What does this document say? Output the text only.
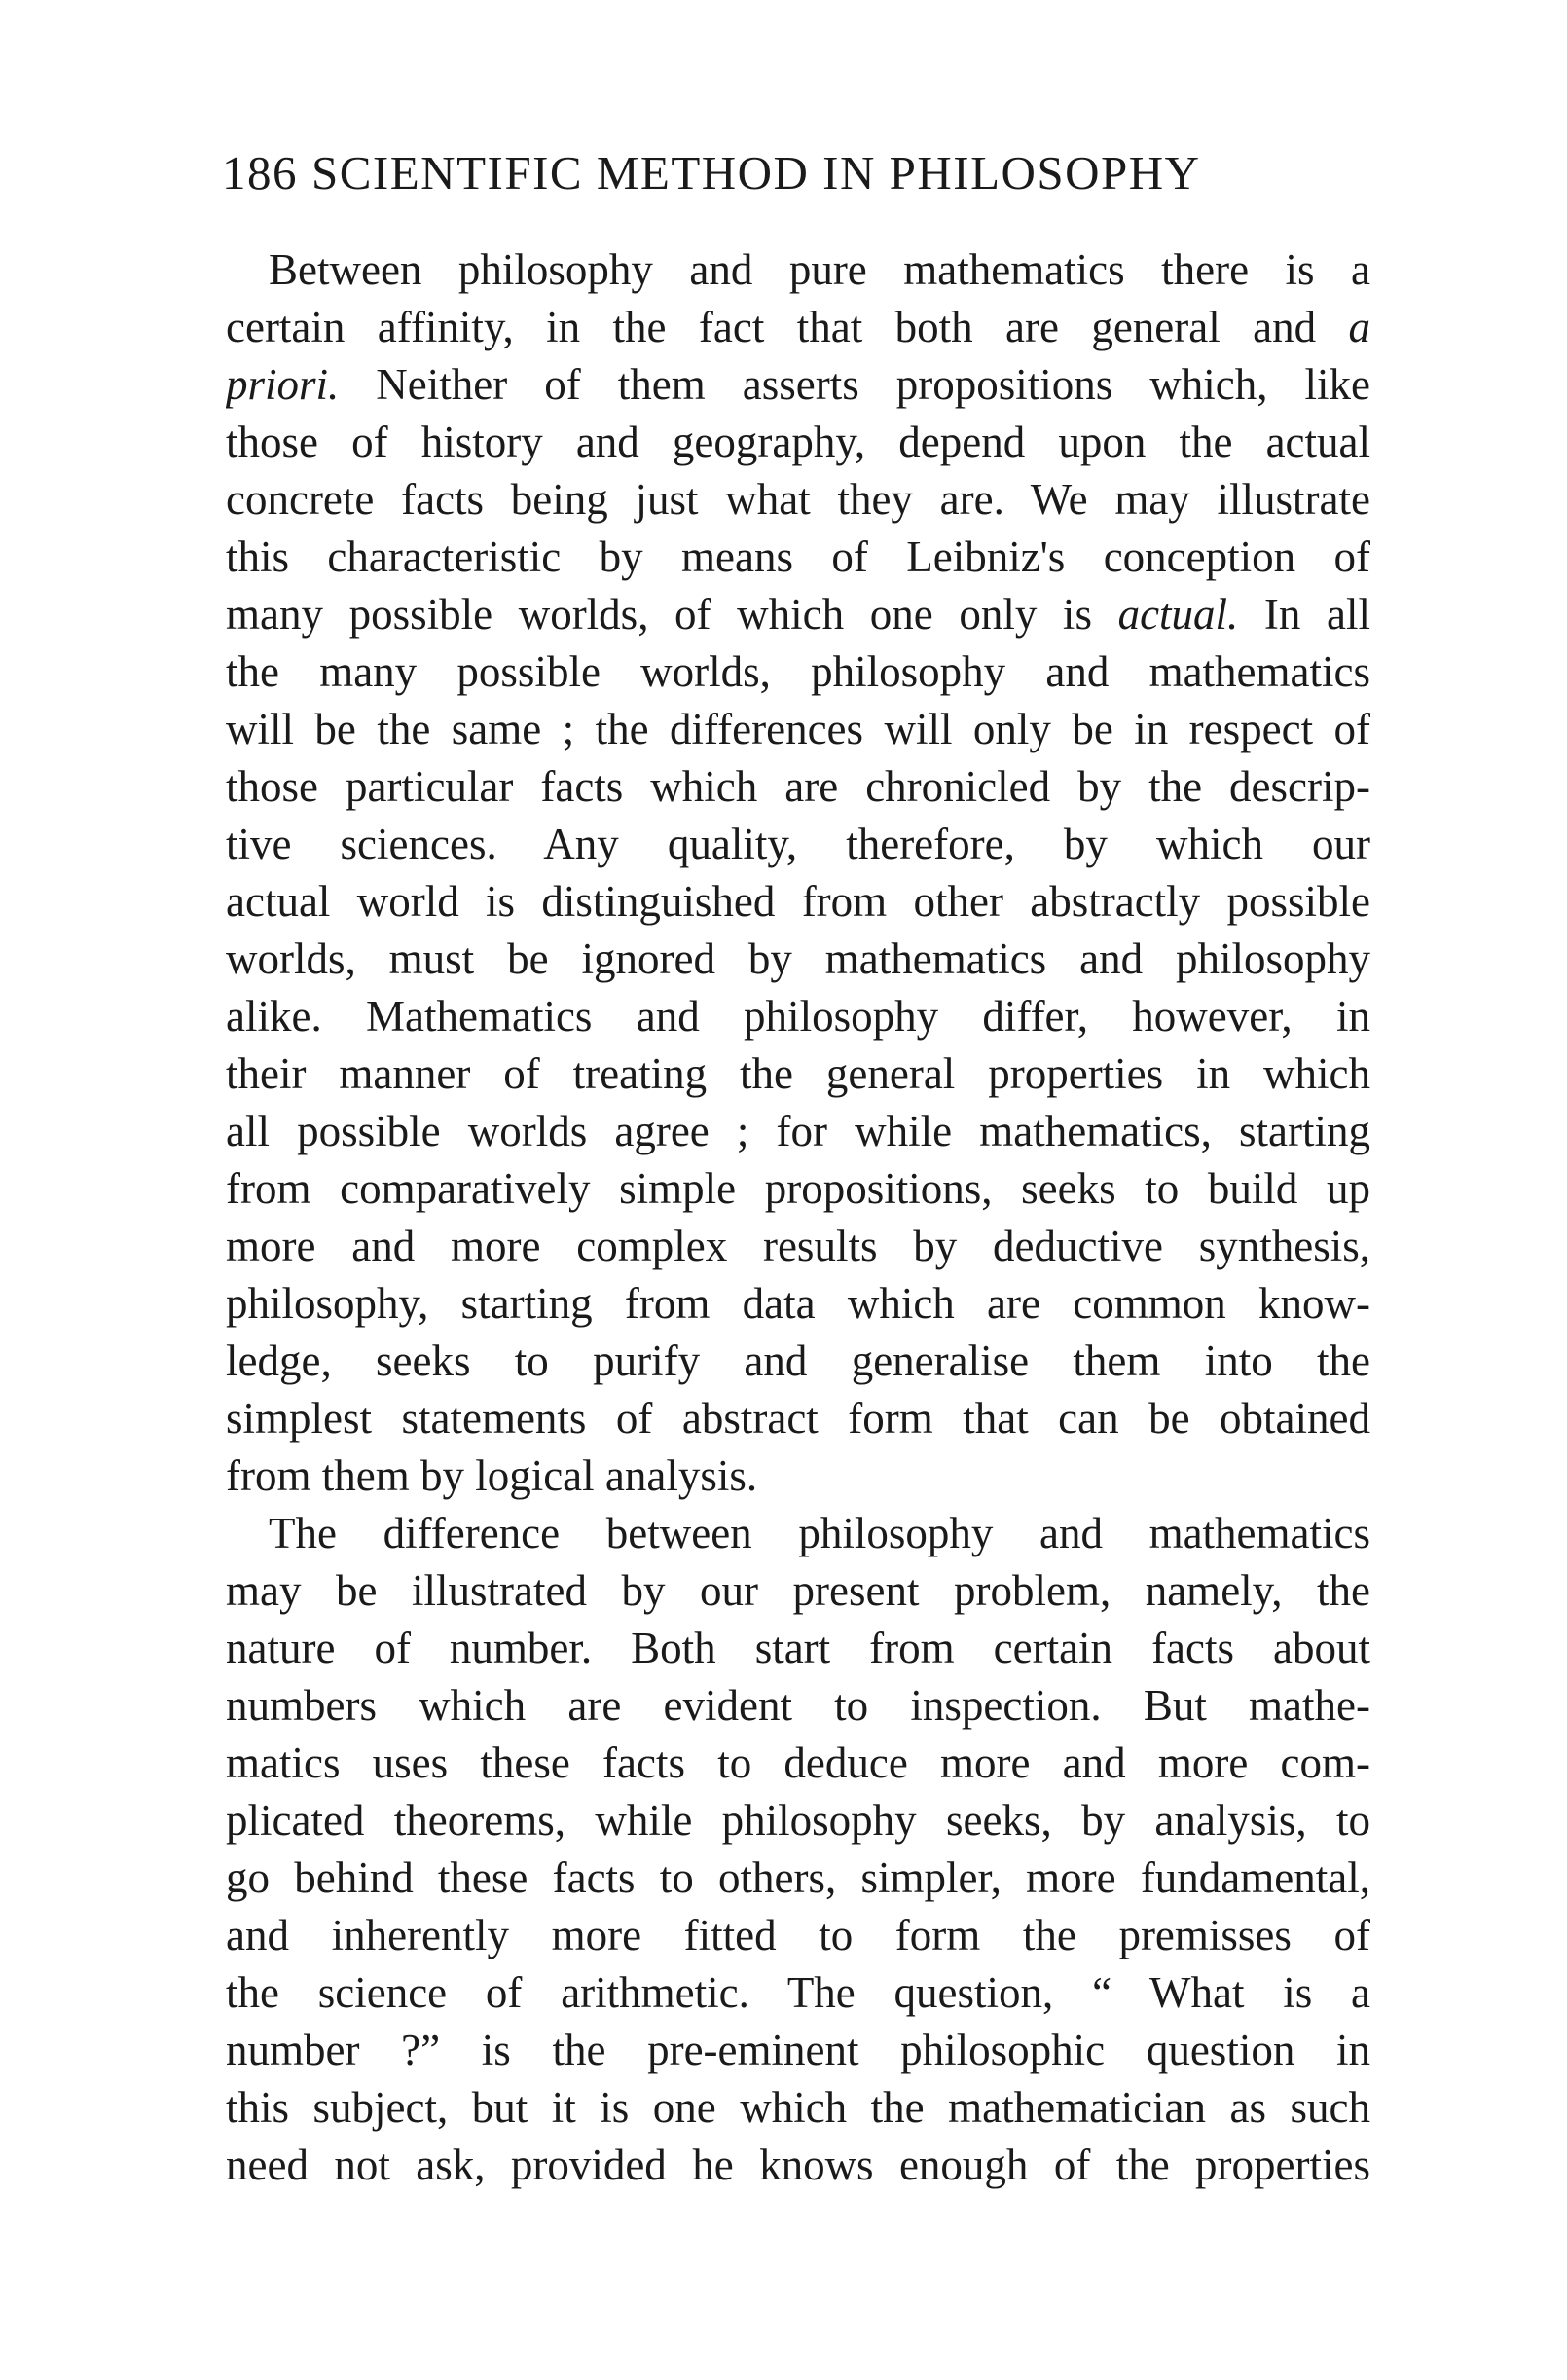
186 SCIENTIFIC METHOD IN PHILOSOPHY
Between philosophy and pure mathematics there is a
certain affinity, in the fact that both are general and a
priori. Neither of them asserts propositions which, like
those of history and geography, depend upon the actual
concrete facts being just what they are. We may illustrate
this characteristic by means of Leibniz's conception of
many possible worlds, of which one only is actual. In all
the many possible worlds, philosophy and mathematics
will be the same ; the differences will only be in respect of
those particular facts which are chronicled by the descrip-
tive sciences. Any quality, therefore, by which our
actual world is distinguished from other abstractly possible
worlds, must be ignored by mathematics and philosophy
alike. Mathematics and philosophy differ, however, in
their manner of treating the general properties in which
all possible worlds agree ; for while mathematics, starting
from comparatively simple propositions, seeks to build up
more and more complex results by deductive synthesis,
philosophy, starting from data which are common know-
ledge, seeks to purify and generalise them into the
simplest statements of abstract form that can be obtained
from them by logical analysis.
The difference between philosophy and mathematics
may be illustrated by our present problem, namely, the
nature of number. Both start from certain facts about
numbers which are evident to inspection. But mathe-
matics uses these facts to deduce more and more com-
plicated theorems, while philosophy seeks, by analysis, to
go behind these facts to others, simpler, more fundamental,
and inherently more fitted to form the premisses of
the science of arithmetic. The question, “ What is a
number ?” is the pre-eminent philosophic question in
this subject, but it is one which the mathematician as such
need not ask, provided he knows enough of the properties
